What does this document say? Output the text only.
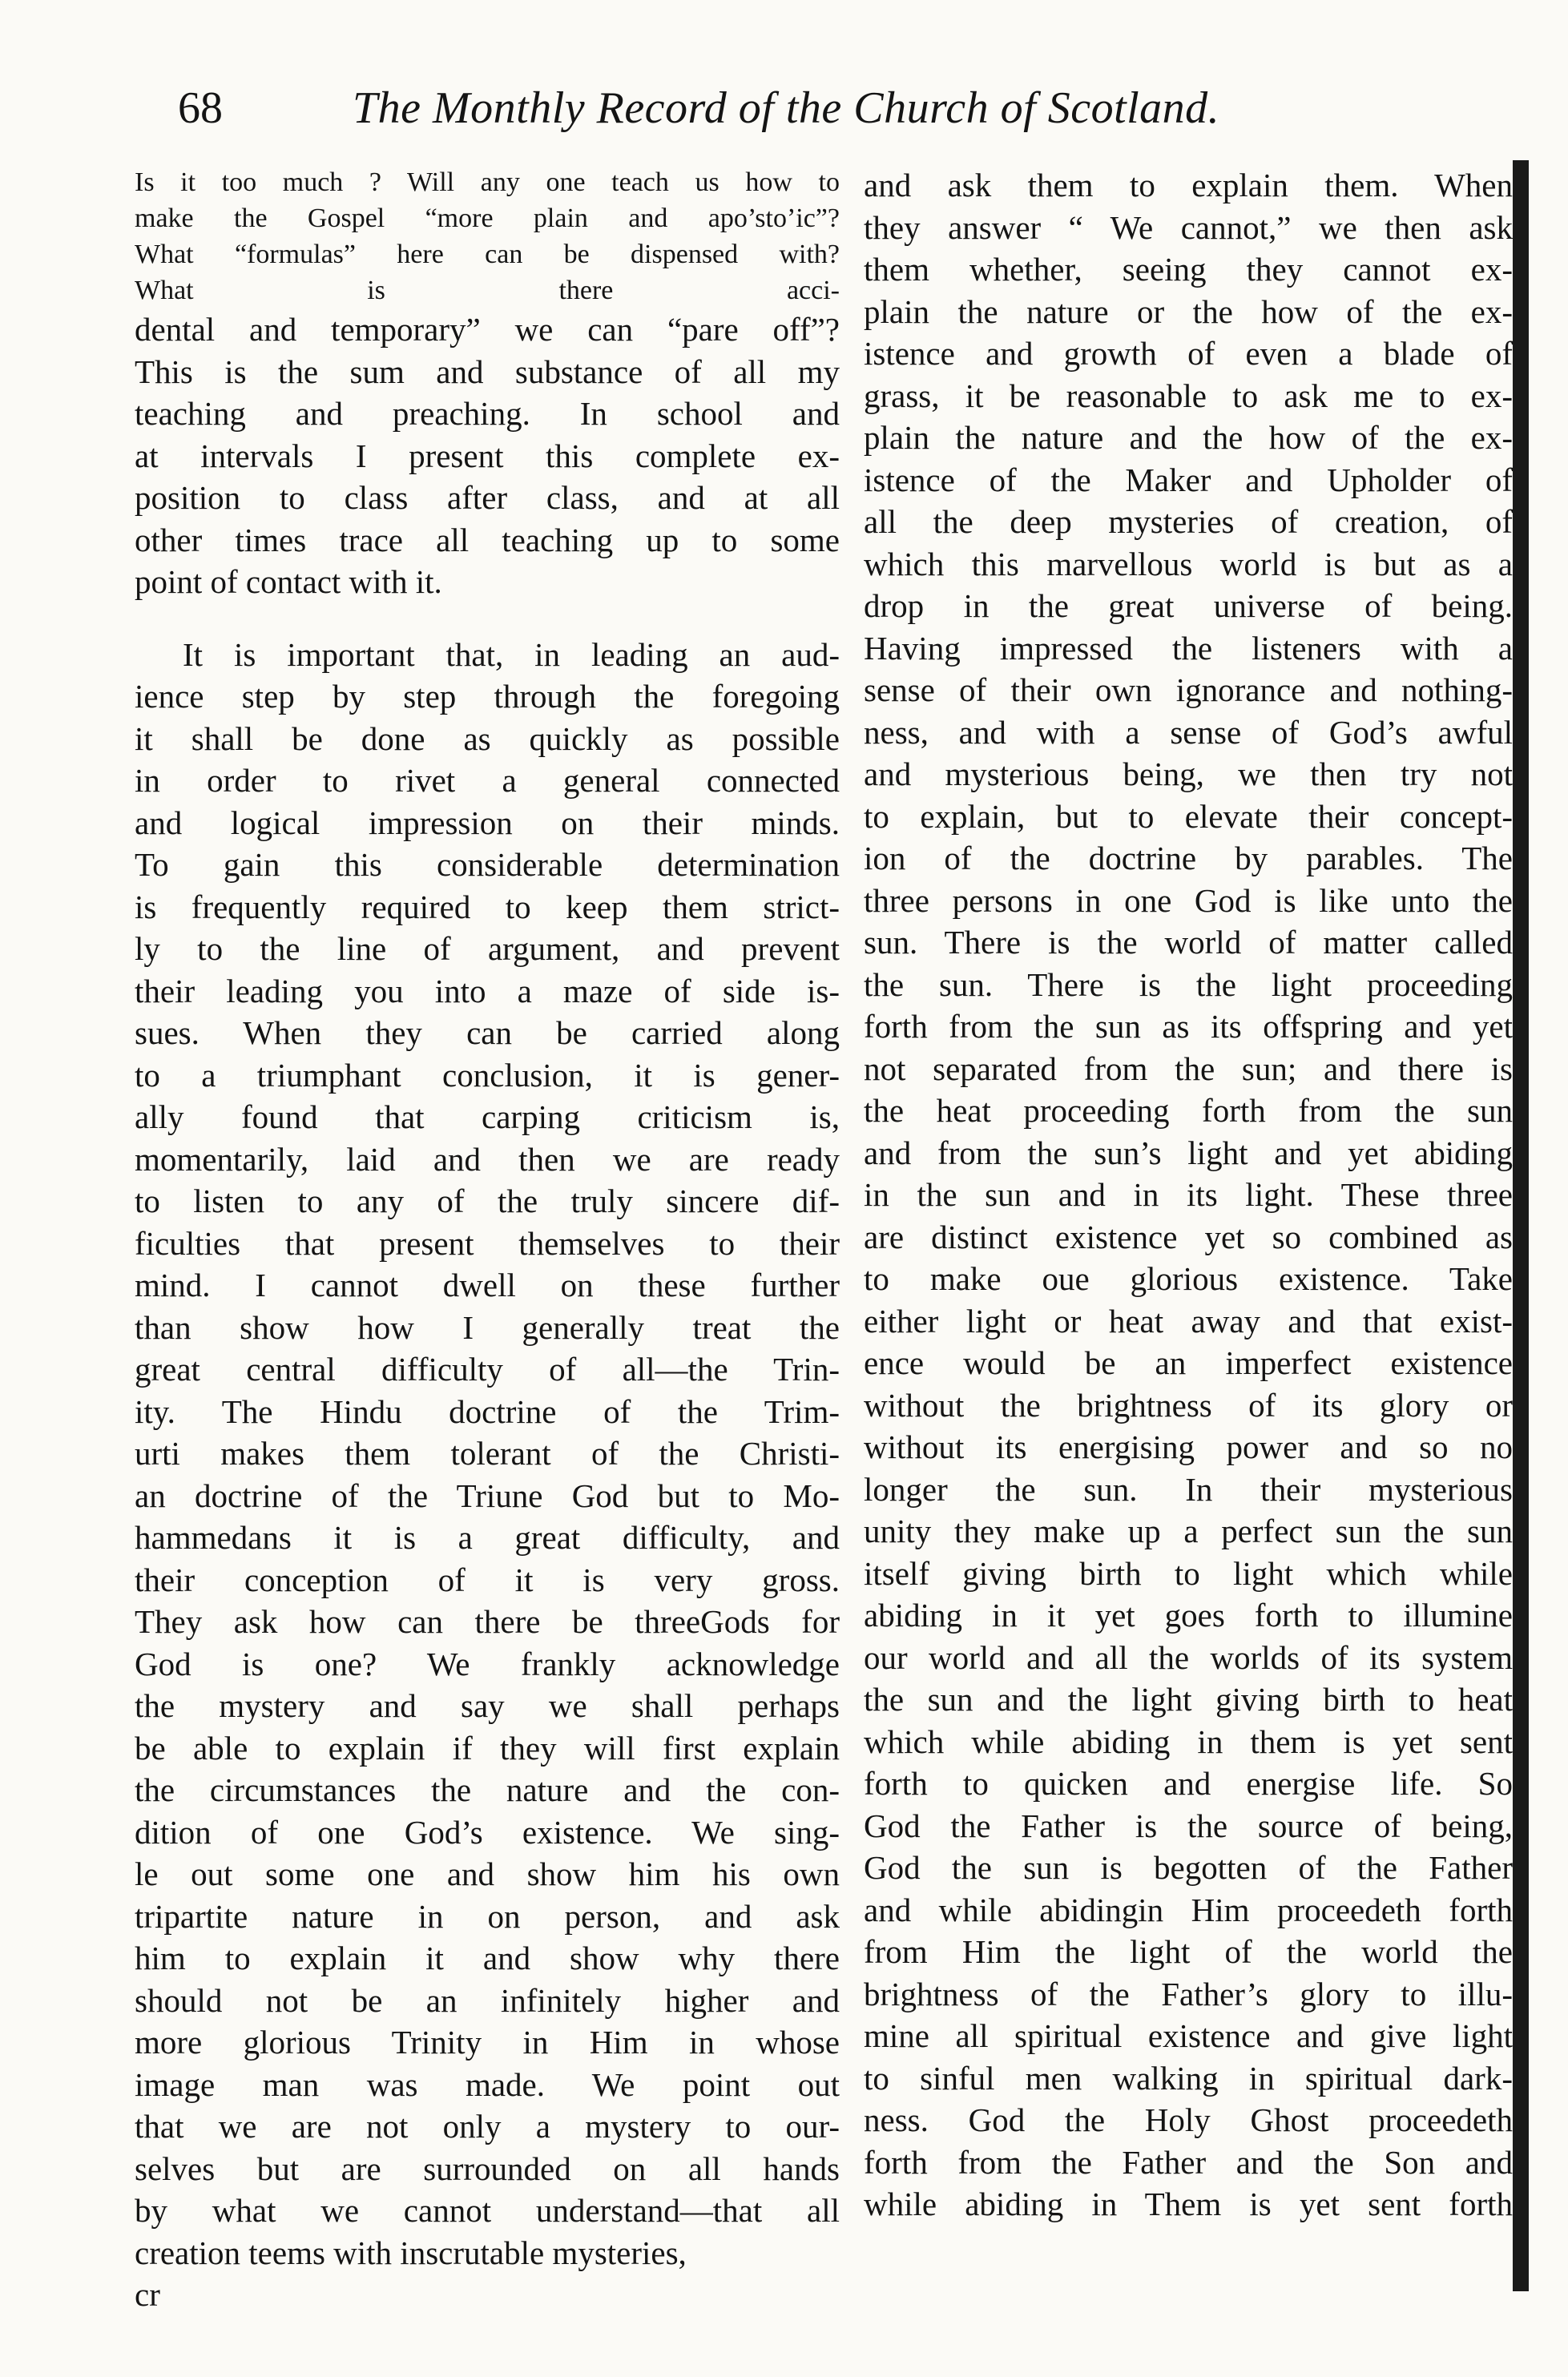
68	The Monthly Record of the Church of Scotland.
Is it too much ? Will any one teach us how to
make the Gospel “more plain and apo’sto’ic”?
What “formulas” here can be dispensed with?
What is there acci-
dental and temporary” we can “pare off”?
This is the sum and substance of all my
teaching and preaching. In school and
at intervals I present this complete ex-
position to class after class, and at all
other times trace all teaching up to some
point of contact with it.
It is important that, in leading an aud-
ience step by step through the foregoing
it shall be done as quickly as possible
in order to rivet a general connected
and logical impression on their minds.
To gain this considerable determination
is frequently required to keep them strict-
ly to the line of argument, and prevent
their leading you into a maze of side is-
sues. When they can be carried along
to a triumphant conclusion, it is gener-
ally found that carping criticism is,
momentarily, laid and then we are ready
to listen to any of the truly sincere dif-
ficulties that present themselves to their
mind. I cannot dwell on these further
than show how I generally treat the
great central difficulty of all—the Trin-
ity. The Hindu doctrine of the Trim-
urti makes them tolerant of the Christi-
an doctrine of the Triune God but to Mo-
hammedans it is a great difficulty, and
their conception of it is very gross.
They ask how can there be threeGods for
God is one? We frankly acknowledge
the mystery and say we shall perhaps
be able to explain if they will first explain
the circumstances the nature and the con-
dition of one God’s existence. We sing-
le out some one and show him his own
tripartite nature in on person, and ask
him to explain it and show why there
should not be an infinitely higher and
more glorious Trinity in Him in whose
image man was made. We point out
that we are not only a mystery to our-
selves but are surrounded on all hands
by what we cannot understand—that all
creation teems with inscrutable mysteries,
cr
and ask them to explain them. When
they answer “ We cannot,” we then ask
them whether, seeing they cannot ex-
plain the nature or the how of the ex-
istence and growth of even a blade of
grass, it be reasonable to ask me to ex-
plain the nature and the how of the ex-
istence of the Maker and Upholder of
all the deep mysteries of creation, of
which this marvellous world is but as a
drop in the great universe of being.
Having impressed the listeners with a
sense of their own ignorance and nothing-
ness, and with a sense of God’s awful
and mysterious being, we then try not
to explain, but to elevate their concept-
ion of the doctrine by parables. The
three persons in one God is like unto the
sun. There is the world of matter called
the sun. There is the light proceeding
forth from the sun as its offspring and yet
not separated from the sun; and there is
the heat proceeding forth from the sun
and from the sun’s light and yet abiding
in the sun and in its light. These three
are distinct existence yet so combined as
to make oue glorious existence. Take
either light or heat away and that exist-
ence would be an imperfect existence
without the brightness of its glory or
without its energising power and so no
longer the sun. In their mysterious
unity they make up a perfect sun the sun
itself giving birth to light which while
abiding in it yet goes forth to illumine
our world and all the worlds of its system
the sun and the light giving birth to heat
which while abiding in them is yet sent
forth to quicken and energise life. So
God the Father is the source of being,
God the sun is begotten of the Father
and while abidingin Him proceedeth forth
from Him the light of the world the
brightness of the Father’s glory to illu-
mine all spiritual existence and give light
to sinful men walking in spiritual dark-
ness. God the Holy Ghost proceedeth
forth from the Father and the Son and
while abiding in Them is yet sent forth
